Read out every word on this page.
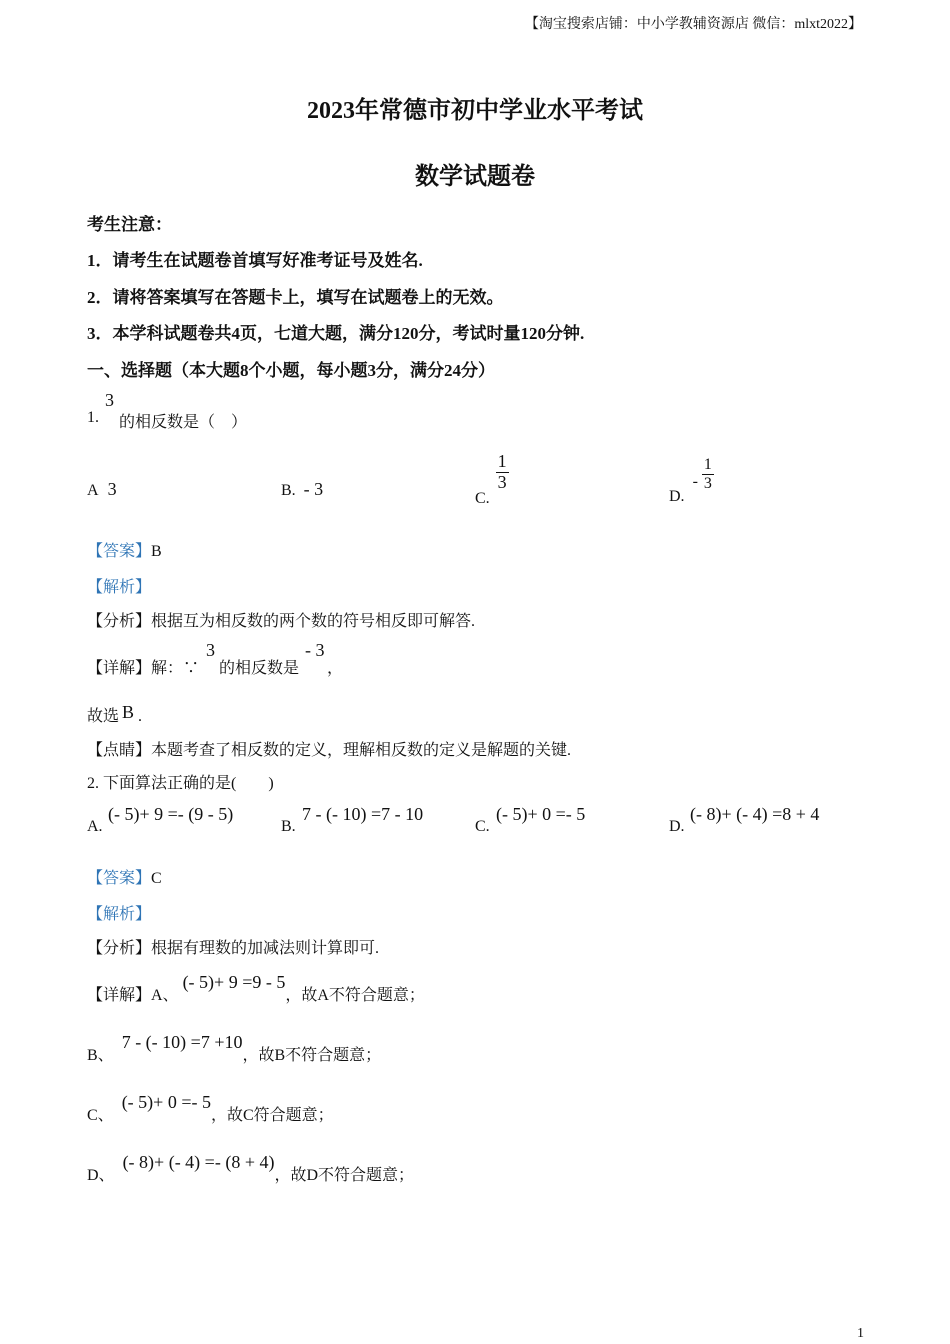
【淘宝搜索店铺：中小学教辅资源店 微信：mlxt2022】
2023年常德市初中学业水平考试
数学试题卷
考生注意：
1．请考生在试题卷首填写好准考证号及姓名.
2．请将答案填写在答题卡上，填写在试题卷上的无效。
3．本学科试题卷共4页，七道大题，满分120分，考试时量120分钟.
一、选择题（本大题8个小题，每小题3分，满分24分）
1.
3
的相反数是（　）
A 3	B. - 3	C.
$\frac{1}{3}$
D. - $\frac{1}{3}$
【答案】B
【解析】
【分析】根据互为相反数的两个数的符号相反即可解答.
【详解】解：∵
3
的相反数是
- 3
，
故选 B .
【点睛】本题考查了相反数的定义，理解相反数的定义是解题的关键.
2. 下面算法正确的是(　　)
A.
(- 5)+ 9 =- (9 - 5)
B.
7 - (- 10) =7 - 10
C.
(- 5)+ 0 =- 5
D.
(- 8)+ (- 4) =8 + 4
【答案】C
【解析】
【分析】根据有理数的加减法则计算即可.
【详解】A、(- 5)+ 9 =9 - 5，故A不符合题意；
B、7 - (- 10) =7 +10，故B不符合题意；
C、(- 5)+ 0 =- 5，故C符合题意；
D、(- 8)+ (- 4) =- (8 + 4)，故D不符合题意；
1
